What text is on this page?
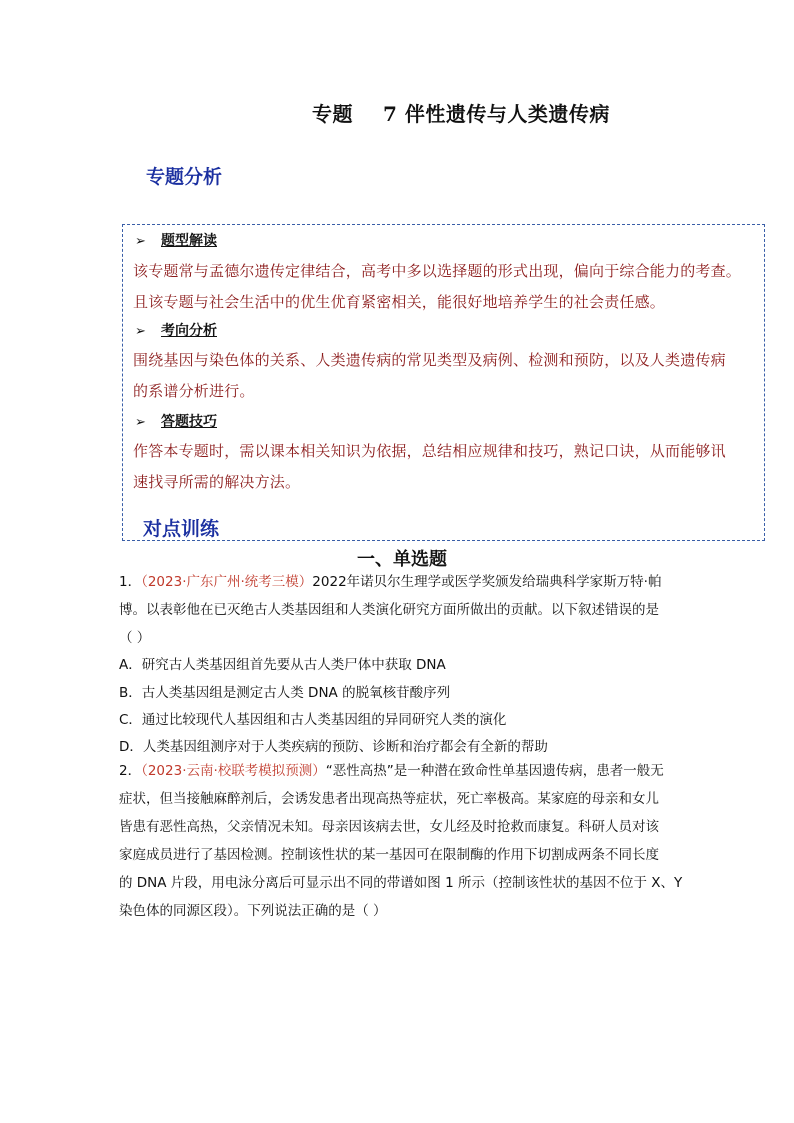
专题 7 伴性遗传与人类遗传病
专题分析
➢ 题型解读
该专题常与孟德尔遗传定律结合，高考中多以选择题的形式出现，偏向于综合能力的考查。
且该专题与社会生活中的优生优育紧密相关，能很好地培养学生的社会责任感。
➢ 考向分析
围绕基因与染色体的关系、人类遗传病的常见类型及病例、检测和预防，以及人类遗传病
的系谱分析进行。
➢ 答题技巧
作答本专题时，需以课本相关知识为依据，总结相应规律和技巧，熟记口诀，从而能够讯
速找寻所需的解决方法。
对点训练
一、单选题
1．（2023·广东广州·统考三模）2022年诺贝尔生理学或医学奖颁发给瑞典科学家斯万特·帕
博。以表彰他在已灭绝古人类基因组和人类演化研究方面所做出的贡献。以下叙述错误的是
（ ）
A．研究古人类基因组首先要从古人类尸体中获取 DNA
B．古人类基因组是测定古人类 DNA 的脱氧核苷酸序列
C．通过比较现代人基因组和古人类基因组的异同研究人类的演化
D．人类基因组测序对于人类疾病的预防、诊断和治疗都会有全新的帮助
2．（2023·云南·校联考模拟预测）“恶性高热”是一种潜在致命性单基因遗传病，患者一般无
症状，但当接触麻醉剂后，会诱发患者出现高热等症状，死亡率极高。某家庭的母亲和女儿
皆患有恶性高热，父亲情况未知。母亲因该病去世，女儿经及时抢救而康复。科研人员对该
家庭成员进行了基因检测。控制该性状的某一基因可在限制酶的作用下切割成两条不同长度
的 DNA 片段，用电泳分离后可显示出不同的带谱如图 1 所示（控制该性状的基因不位于 X、Y
染色体的同源区段）。下列说法正确的是（ ）
